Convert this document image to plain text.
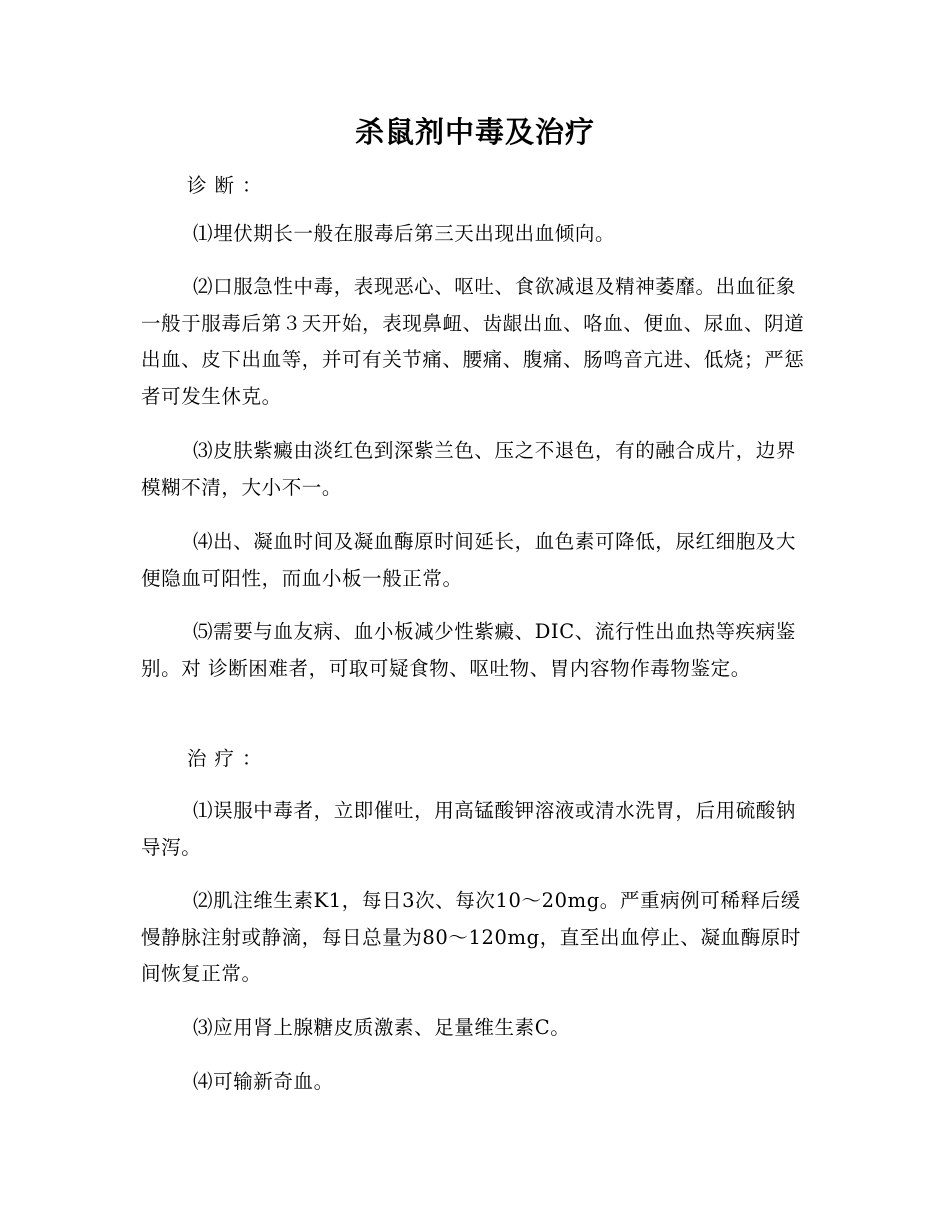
杀鼠剂中毒及治疗
诊断：
⑴埋伏期长一般在服毒后第三天出现出血倾向。
⑵口服急性中毒，表现恶心、呕吐、食欲减退及精神萎靡。出血征象一般于服毒后第３天开始，表现鼻衄、齿龈出血、咯血、便血、尿血、阴道出血、皮下出血等，并可有关节痛、腰痛、腹痛、肠鸣音亢进、低烧；严惩者可发生休克。
⑶皮肤紫癜由淡红色到深紫兰色、压之不退色，有的融合成片，边界模糊不清，大小不一。
⑷出、凝血时间及凝血酶原时间延长，血色素可降低，尿红细胞及大便隐血可阳性，而血小板一般正常。
⑸需要与血友病、血小板减少性紫癜、DIC、流行性出血热等疾病鉴别。对 诊断困难者，可取可疑食物、呕吐物、胃内容物作毒物鉴定。
治疗：
⑴误服中毒者，立即催吐，用高锰酸钾溶液或清水洗胃，后用硫酸钠导泻。
⑵肌注维生素K1，每日3次、每次10～20mg。严重病例可稀释后缓慢静脉注射或静滴，每日总量为80～120mg，直至出血停止、凝血酶原时间恢复正常。
⑶应用肾上腺糖皮质激素、足量维生素C。
⑷可输新奇血。
